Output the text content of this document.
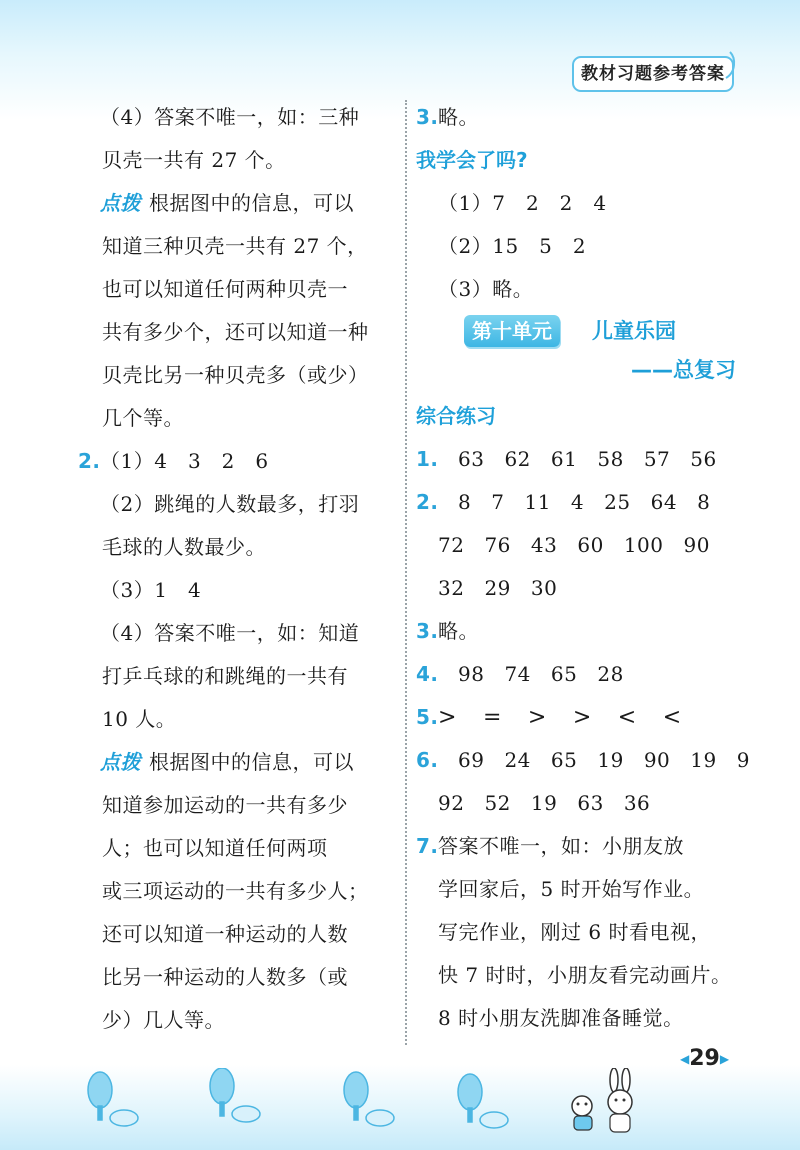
教材习题参考答案
（4）答案不唯一，如：三种
贝壳一共有 27 个。
点拨 根据图中的信息，可以
知道三种贝壳一共有 27 个，
也可以知道任何两种贝壳一
共有多少个，还可以知道一种
贝壳比另一种贝壳多（或少）
几个等。
2.（1）4　3　2　6
（2）跳绳的人数最多，打羽
毛球的人数最少。
（3）1　4
（4）答案不唯一，如：知道
打乒乓球的和跳绳的一共有
10 人。
点拨 根据图中的信息，可以
知道参加运动的一共有多少
人；也可以知道任何两项
或三项运动的一共有多少人；
还可以知道一种运动的人数
比另一种运动的人数多（或
少）几人等。
3.略。
我学会了吗?
（1）7　2　2　4
（2）15　5　2
（3）略。
第十单元	儿童乐园
——总复习
综合练习
1. 63 62 61 58 57 56
2. 8 7 11 4 25 64 8
72 76 43 60 100 90
32 29 30
3.略。
4. 98 74 65 28
5.> = > > < <
6. 69 24 65 19 90 19 9
92 52 19 63 36
7.答案不唯一，如：小朋友放
学回家后，5 时开始写作业。
写完作业，刚过 6 时看电视，
快 7 时时，小朋友看完动画片。
8 时小朋友洗脚准备睡觉。
◀29▶
